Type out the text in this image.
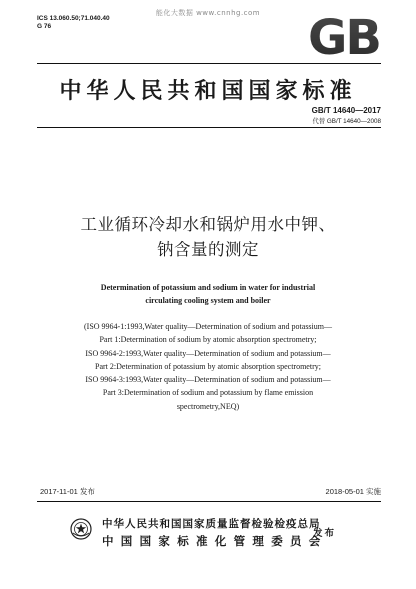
能化大数据 www.cnnhg.com
ICS 13.060.50;71.040.40
G 76	GB
中华人民共和国国家标准
GB/T 14640—2017
代替 GB/T 14640—2008
工业循环冷却水和锅炉用水中钾、
钠含量的测定
Determination of potassium and sodium in water for industrial
circulating cooling system and boiler
(ISO 9964-1:1993,Water quality—Determination of sodium and potassium—
Part 1:Determination of sodium by atomic absorption spectrometry;
ISO 9964-2:1993,Water quality—Determination of sodium and potassium—
Part 2:Determination of potassium by atomic absorption spectrometry;
ISO 9964-3:1993,Water quality—Determination of sodium and potassium—
Part 3:Determination of sodium and potassium by flame emission
spectrometry,NEQ)
2017-11-01 发布	2018-05-01 实施
中华人民共和国国家质量监督检验检疫总局
中国国家标准化管理委员会
发布
